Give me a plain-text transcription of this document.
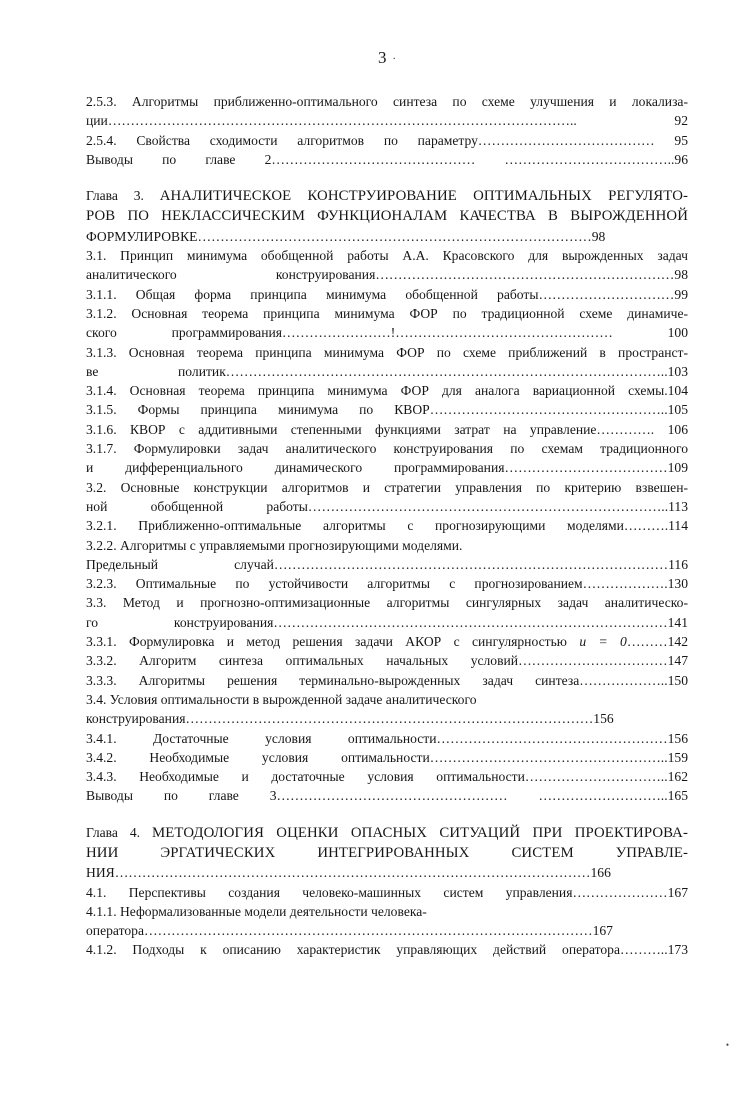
3 ·
2.5.3. Алгоритмы приближенно-оптимального синтеза по схеме улучшения и локализа-
ции………………………………………………………………………………………….. 92
2.5.4. Свойства сходимости алгоритмов по параметру………………………………… 95
Выводы по главе 2……………………………………… ………………………………..96
Глава 3. АНАЛИТИЧЕСКОЕ КОНСТРУИРОВАНИЕ ОПТИМАЛЬНЫХ РЕГУЛЯТО-
РОВ ПО НЕКЛАССИЧЕСКИМ ФУНКЦИОНАЛАМ КАЧЕСТВА В ВЫРОЖДЕННОЙ
ФОРМУЛИРОВКЕ……………………………………………………………………………98
3.1. Принцип минимума обобщенной работы А.А. Красовского для вырожденных задач
аналитического конструирования…………………………………………………………98
3.1.1. Общая форма принципа минимума обобщенной работы…………………………99
3.1.2. Основная теорема принципа минимума ФОР по традиционной схеме динамиче-
ского программирования……………………!………………………………………… 100
3.1.3. Основная теорема принципа минимума ФОР по схеме приближений в пространст-
ве политик……………………………………………………………………………………..103
3.1.4. Основная теорема принципа минимума ФОР для аналога вариационной схемы.104
3.1.5. Формы принципа минимума по КВОР……………………………………………..105
3.1.6. КВОР с аддитивными степенными функциями затрат на управление…………. 106
3.1.7. Формулировки задач аналитического конструирования по схемам традиционного
и дифференциального динамического программирования………………………………109
3.2. Основные конструкции алгоритмов и стратегии управления по критерию взвешен-
ной обобщенной работы……………………………………………………………………..113
3.2.1. Приближенно-оптимальные алгоритмы с прогнозирующими моделями……….114
3.2.2. Алгоритмы с управляемыми прогнозирующими моделями.
Предельный случай……………………………………………………………………………116
3.2.3. Оптимальные по устойчивости алгоритмы с прогнозированием……………….130
3.3. Метод и прогнозно-оптимизационные алгоритмы сингулярных задач аналитическо-
го конструирования……………………………………………………………………………141
3.3.1. Формулировка и метод решения задачи АКОР с сингулярностью u = 0………142
3.3.2. Алгоритм синтеза оптимальных начальных условий……………………………147
3.3.3. Алгоритмы решения терминально-вырожденных задач синтеза………………..150
3.4. Условия оптимальности в вырожденной задаче аналитического
конструирования………………………………………………………………………………156
3.4.1. Достаточные условия оптимальности……………………………………………156
3.4.2. Необходимые условия оптимальности……………………………………………..159
3.4.3. Необходимые и достаточные условия оптимальности…………………………..162
Выводы по главе 3…………………………………………… ………………………..165
Глава 4. МЕТОДОЛОГИЯ ОЦЕНКИ ОПАСНЫХ СИТУАЦИЙ ПРИ ПРОЕКТИРОВА-
НИИ ЭРГАТИЧЕСКИХ ИНТЕГРИРОВАННЫХ СИСТЕМ УПРАВЛЕ-
НИЯ……………………………………………………………………………………………166
4.1. Перспективы создания человеко-машинных систем управления…………………167
4.1.1. Неформализованные модели деятельности человека-
оператора………………………………………………………………………………………167
4.1.2. Подходы к описанию характеристик управляющих действий оператора………..173
•
